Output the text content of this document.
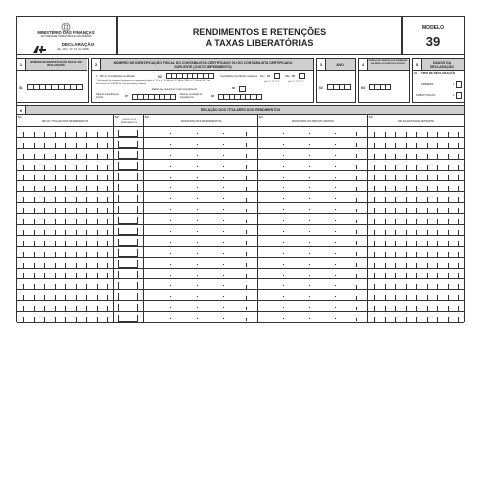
MINISTÉRIO DAS FINANÇAS
AUTORIDADE TRIBUTÁRIA E ADUANEIRA
DECLARAÇÃO
(Art. 119.º, N.º 12, do CIRS)
RENDIMENTOS E RETENÇÕES
A TAXAS LIBERATÓRIAS
MODELO
39
1	NÚMERO DE IDENTIFICAÇÃO FISCAL DO DECLARANTE
01
2	NÚMERO DE IDENTIFICAÇÃO FISCAL DO CONTABILISTA CERTIFICADO OU DO CONTABILISTA CERTIFICADO SUPLENTE (JUSTO IMPEDIMENTO)
1 · NIF do Contabilista Certificado	02	Contabilista Certificado suplente	Sim 04	Não 05
(ao 7.º, 17.º 5.º)	(ao 7.º, 17.º 7.º)
* Declaração (a entregar) entregue em cumprimento (pelo n.º 12 e n.º 13 do art. 12.º-A do CIRS e n.º 4 do art. 31.º do Decreto-Lei n.º 452/88, de 7 de dezembro), indique:
Razão que determina o justo impedimento	06
Data do impedimento (início)	07
Data de cessação do impedimento	08
3	ANO
02
4
CÓDIGO DO SERVIÇO DE FINANÇAS DA SEDE OU DOMICÍLIO FISCAL
04
5	DADOS DA DECLARAÇÃO
01 TIPO DE DECLARAÇÃO
PRIMEIRA	1
SUBSTITUIÇÃO	2
6	RELAÇÃO DOS TITULARES DOS RENDIMENTOS
6.1
NIF DO TITULAR DOS RENDIMENTOS
6.2
CÓDIGO DOS RENDIMENTOS
6.3
MONTANTE DOS RENDIMENTOS
6.4
MONTANTE DO IMPOSTO RETIDO
6.5
NIF DA ENTIDADE EMITENTE
